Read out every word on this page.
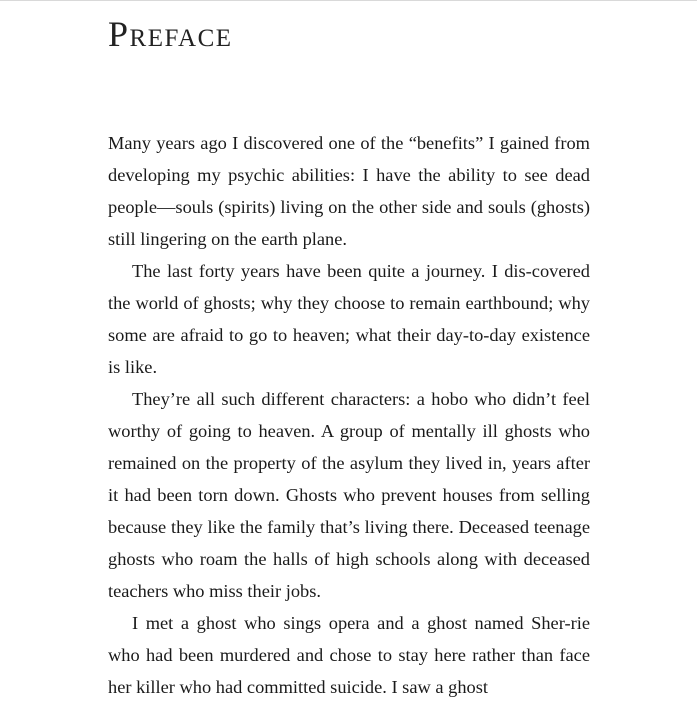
Preface

Many years ago I discovered one of the “benefits” I gained from developing my psychic abilities: I have the ability to see dead people—souls (spirits) living on the other side and souls (ghosts) still lingering on the earth plane.

The last forty years have been quite a journey. I dis-covered the world of ghosts; why they choose to remain earthbound; why some are afraid to go to heaven; what their day-to-day existence is like.

They’re all such different characters: a hobo who didn’t feel worthy of going to heaven. A group of mentally ill ghosts who remained on the property of the asylum they lived in, years after it had been torn down. Ghosts who prevent houses from selling because they like the family that’s living there. Deceased teenage ghosts who roam the halls of high schools along with deceased teachers who miss their jobs.

I met a ghost who sings opera and a ghost named Sher-rie who had been murdered and chose to stay here rather than face her killer who had committed suicide. I saw a ghost
